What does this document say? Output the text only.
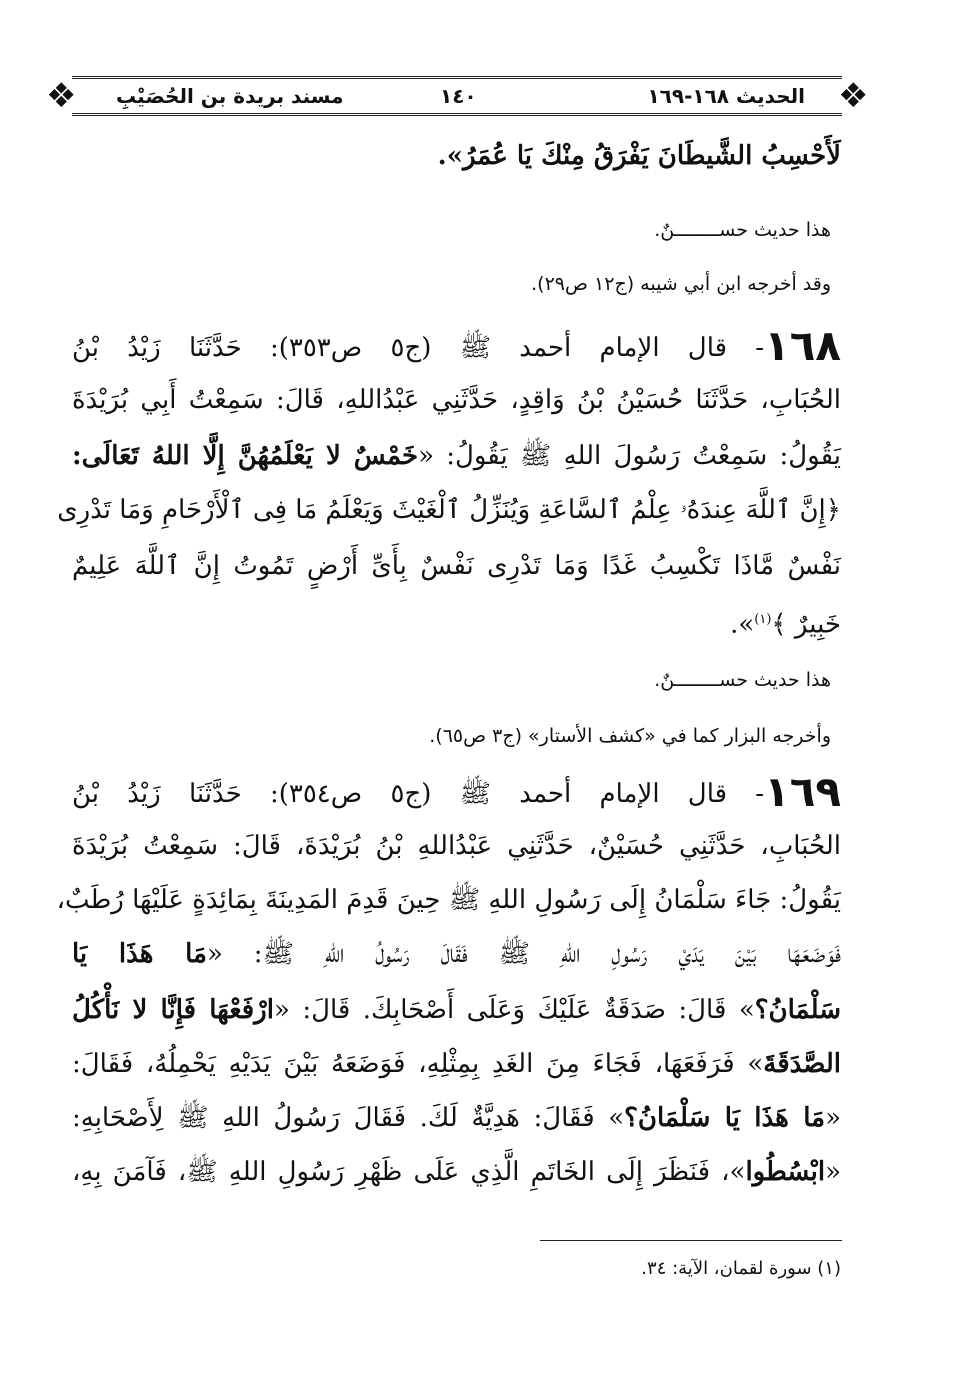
❖	❖
الحديث ١٦٨-١٦٩
١٤٠
مسند بريدة بن الحُصَيْبِ
لَأَحْسِبُ الشَّيطَانَ يَفْرَقُ مِنْكَ يَا عُمَرُ».
هذا حديث حســــــــنٌ.
وقد أخرجه ابن أبي شيبه (ج١٢ ص٢٩).
١٦٨- قال الإمام أحمد ﷺ (ج٥ ص٣٥٣): حَدَّثَنَا زَيْدُ بْنُ
الحُبَابِ، حَدَّثَنَا حُسَيْنُ بْنُ وَاقِدٍ، حَدَّثَنِي عَبْدُاللهِ، قَالَ: سَمِعْتُ أَبِي بُرَيْدَةَ
يَقُولُ: سَمِعْتُ رَسُولَ اللهِ ﷺ يَقُولُ: «خَمْسٌ لا يَعْلَمُهُنَّ إِلَّا اللهُ تَعَالَى:
﴿إِنَّ ٱللَّهَ عِندَهُۥ عِلْمُ ٱلسَّاعَةِ وَيُنَزِّلُ ٱلْغَيْثَ وَيَعْلَمُ مَا فِى ٱلْأَرْحَامِ وَمَا تَدْرِى
نَفْسٌ مَّاذَا تَكْسِبُ غَدًا وَمَا تَدْرِى نَفْسٌ بِأَىِّ أَرْضٍ تَمُوتُ إِنَّ ٱللَّهَ عَلِيمٌ
خَبِيرٌ ﴾$^{(١)}$».
هذا حديث حســــــــنٌ.
وأخرجه البزار كما في «كشف الأستار» (ج٣ ص٦٥).
١٦٩- قال الإمام أحمد ﷺ (ج٥ ص٣٥٤): حَدَّثَنَا زَيْدُ بْنُ
الحُبَابِ، حَدَّثَنِي حُسَيْنٌ، حَدَّثَنِي عَبْدُاللهِ بْنُ بُرَيْدَةَ، قَالَ: سَمِعْتُ بُرَيْدَةَ
يَقُولُ: جَاءَ سَلْمَانُ إِلَى رَسُولِ اللهِ ﷺ حِينَ قَدِمَ المَدِينَةَ بِمَائِدَةٍ عَلَيْهَا رُطَبٌ،
فَوَضَعَهَا بَيْنَ يَدَيْ رَسُولِ اللهِ ﷺ فَقَالَ رَسُولُ اللهِ ﷺ: «مَا هَذَا يَا
سَلْمَانُ؟» قَالَ: صَدَقَةٌ عَلَيْكَ وَعَلَى أَصْحَابِكَ. قَالَ: «ارْفَعْهَا فَإِنَّا لا نَأْكُلُ
الصَّدَقَةَ» فَرَفَعَهَا، فَجَاءَ مِنَ الغَدِ بِمِثْلِهِ، فَوَضَعَهُ بَيْنَ يَدَيْهِ يَحْمِلُهُ، فَقَالَ:
«مَا هَذَا يَا سَلْمَانُ؟» فَقَالَ: هَدِيَّةٌ لَكَ. فَقَالَ رَسُولُ اللهِ ﷺ لِأَصْحَابِهِ:
«ابْسُطُوا»، فَنَظَرَ إِلَى الخَاتَمِ الَّذِي عَلَى ظَهْرِ رَسُولِ اللهِ ﷺ، فَآمَنَ بِهِ،
(١) سورة لقمان، الآية: ٣٤.
